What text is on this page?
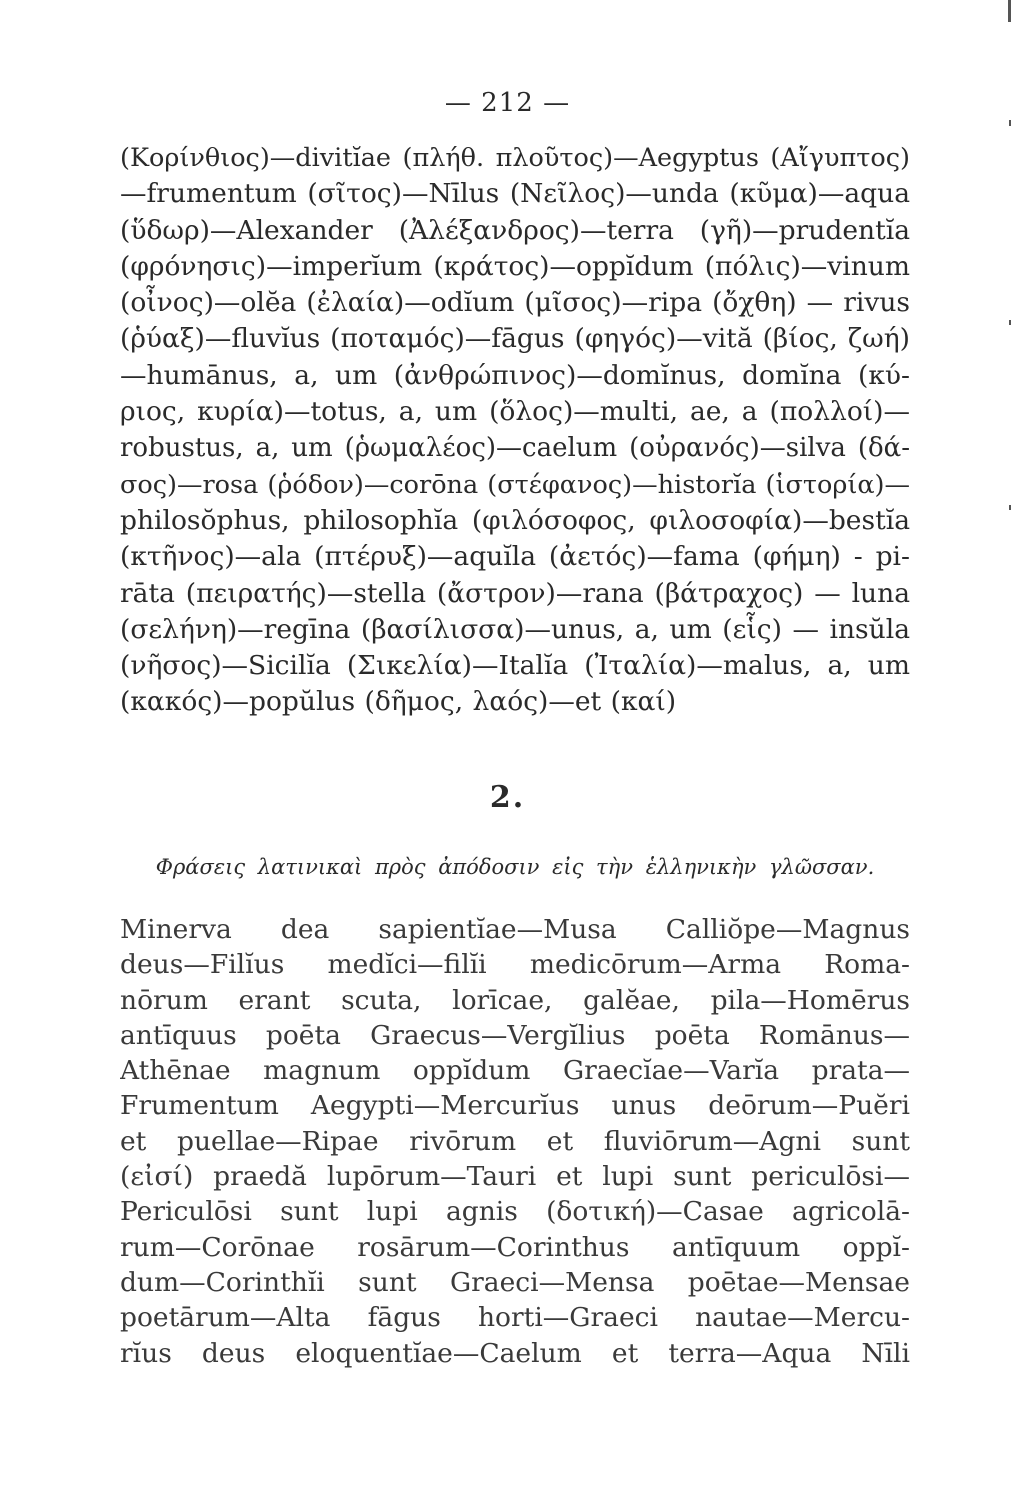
— 212 —
(Κορίνθιος)—divitĭae (πλήθ. πλοῦτος)—Aegyptus (Αἴγυπτος)
—frumentum (σῖτος)—Nīlus (Νεῖλος)—unda (κῦμα)—aqua
(ὕδωρ)—Alexander (Ἀλέξανδρος)—terra (γῆ)—prudentĭa
(φρόνησις)—imperĭum (κράτος)—oppĭdum (πόλις)—vinum
(οἶνος)—olĕa (ἐλαία)—odĭum (μῖσος)—ripa (ὄχθη) — rivus
(ῥύαξ)—fluvĭus (ποταμός)—fāgus (φηγός)—vită (βίος, ζωή)
—humānus, a, um (ἀνθρώπινος)—domĭnus, domĭna (κύ-
ριος, κυρία)—totus, a, um (ὅλος)—multi, ae, a (πολλοί)—
robustus, a, um (ῥωμαλέος)—caelum (οὐρανός)—silva (δά-
σος)—rosa (ῥόδον)—corōna (στέφανος)—historĭa (ἱστορία)—
philosŏphus, philosophĭa (φιλόσοφος, φιλοσοφία)—bestĭa
(κτῆνος)—ala (πτέρυξ)—aquĭla (ἀετός)—fama (φήμη) - pi-
rāta (πειρατής)—stella (ἄστρον)—rana (βάτραχος) — luna
(σελήνη)—regīna (βασίλισσα)—unus, a, um (εἷς) — insŭla
(νῆσος)—Sicilĭa (Σικελία)—Italĭa (Ἰταλία)—malus, a, um
(κακός)—popŭlus (δῆμος, λαός)—et (καί)
2.
Φράσεις λατινικαὶ πρὸς ἀπόδοσιν εἰς τὴν ἑλληνικὴν γλῶσσαν.
Minerva dea sapientĭae—Musa Calliŏpe—Magnus
deus—Filĭus medĭci—filĭi medicōrum—Arma Roma-
nōrum erant scuta, lorīcae, galĕae, pila—Homērus
antīquus poēta Graecus—Vergĭlius poēta Romānus—
Athēnae magnum oppĭdum Graecĭae—Varĭa prata—
Frumentum Aegypti—Mercurĭus unus deōrum—Puĕri
et puellae—Ripae rivōrum et fluviōrum—Agni sunt
(εἰσί) praedă lupōrum—Tauri et lupi sunt periculōsi—
Periculōsi sunt lupi agnis (δοτική)—Casae agricolā-
rum—Corōnae rosārum—Corinthus antīquum oppĭ-
dum—Corinthĭi sunt Graeci—Mensa poētae—Mensae
poetārum—Alta fāgus horti—Graeci nautae—Mercu-
rĭus deus eloquentĭae—Caelum et terra—Aqua Nīli
